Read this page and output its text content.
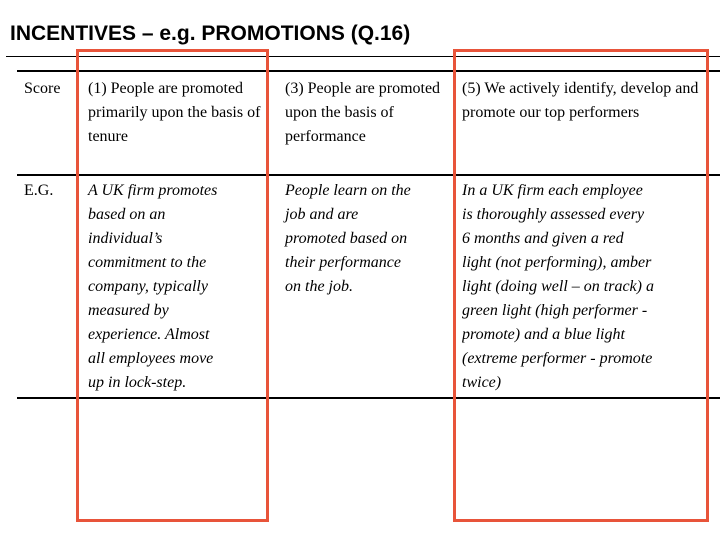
INCENTIVES – e.g. PROMOTIONS (Q.16)
Score
E.G.
(1) People are promoted primarily upon the basis of tenure
(3) People are promoted upon the basis of performance
(5) We actively identify, develop and promote our top performers
A UK firm promotes
based on an
individual’s
commitment to the
company, typically
measured by
experience. Almost
all employees move
up in lock-step.
People learn on the
job and are
promoted based on
their performance
on the job.
In a UK firm each employee
is thoroughly assessed every
6 months and given a red
light (not performing), amber
light (doing well – on track) a
green light (high performer -
promote) and a blue light
(extreme performer - promote
twice)
